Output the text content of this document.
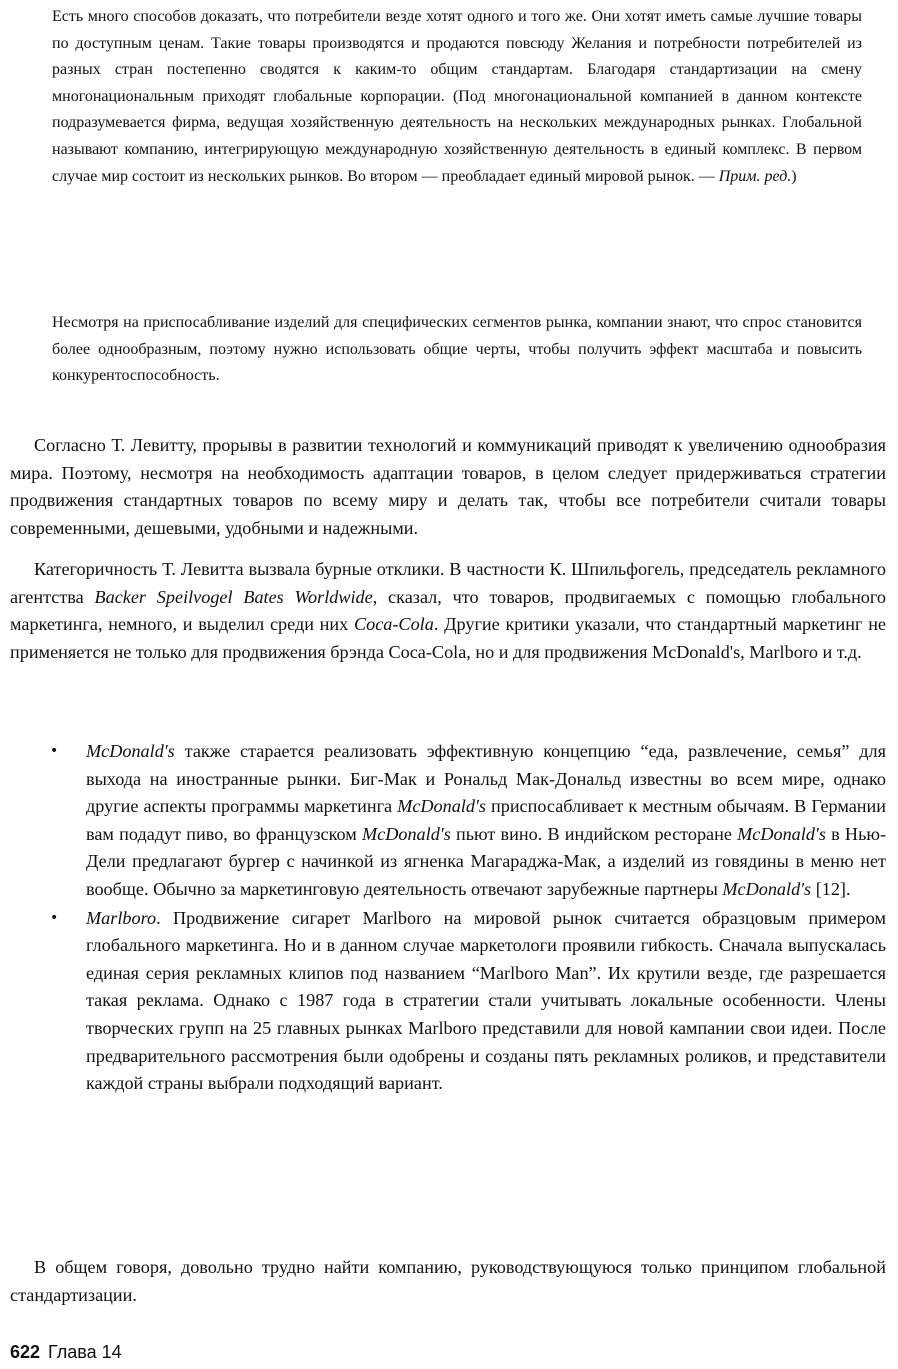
Есть много способов доказать, что потребители везде хотят одного и того же. Они хотят иметь самые лучшие товары по доступным ценам. Такие товары производятся и продаются повсюду Желания и потребности потребителей из разных стран постепенно сводятся к каким-то общим стандартам. Благодаря стандартизации на смену многонациональным приходят глобальные корпорации. (Под многонациональной компанией в данном контексте подразумевается фирма, ведущая хозяйственную деятельность на нескольких международных рынках. Глобальной называют компанию, интегрирующую международную хозяйственную деятельность в единый комплекс. В первом случае мир состоит из нескольких рынков. Во втором — преобладает единый мировой рынок. — Прим. ред.)

Несмотря на приспосабливание изделий для специфических сегментов рынка, компании знают, что спрос становится более однообразным, поэтому нужно использовать общие черты, чтобы получить эффект масштаба и повысить конкурентоспособность.

Согласно Т. Левитту, прорывы в развитии технологий и коммуникаций приводят к увеличению однообразия мира. Поэтому, несмотря на необходимость адаптации товаров, в целом следует придерживаться стратегии продвижения стандартных товаров по всему миру и делать так, чтобы все потребители считали товары современными, дешевыми, удобными и надежными.

Категоричность Т. Левитта вызвала бурные отклики. В частности К. Шпильфогель, председатель рекламного агентства Backer Speilvogel Bates Worldwide, сказал, что товаров, продвигаемых с помощью глобального маркетинга, немного, и выделил среди них Coca-Cola. Другие критики указали, что стандартный маркетинг не применяется не только для продвижения брэнда Coca-Cola, но и для продвижения McDonald's, Marlboro и т.д.

• McDonald's также старается реализовать эффективную концепцию “еда, развлечение, семья” для выхода на иностранные рынки. Биг-Мак и Рональд Мак-Дональд известны во всем мире, однако другие аспекты программы маркетинга McDonald's приспосабливает к местным обычаям. В Германии вам подадут пиво, во французском McDonald's пьют вино. В индийском ресторане McDonald's в Нью-Дели предлагают бургер с начинкой из ягненка Магараджа-Мак, а изделий из говядины в меню нет вообще. Обычно за маркетинговую деятельность отвечают зарубежные партнеры McDonald's [12].
• Marlboro. Продвижение сигарет Marlboro на мировой рынок считается образцовым примером глобального маркетинга. Но и в данном случае маркетологи проявили гибкость. Сначала выпускалась единая серия рекламных клипов под названием “Marlboro Man”. Их крутили везде, где разрешается такая реклама. Однако с 1987 года в стратегии стали учитывать локальные особенности. Члены творческих групп на 25 главных рынках Marlboro представили для новой кампании свои идеи. После предварительного рассмотрения были одобрены и созданы пять рекламных роликов, и представители каждой страны выбрали подходящий вариант.

В общем говоря, довольно трудно найти компанию, руководствующуюся только принципом глобальной стандартизации.

622 Глава 14
